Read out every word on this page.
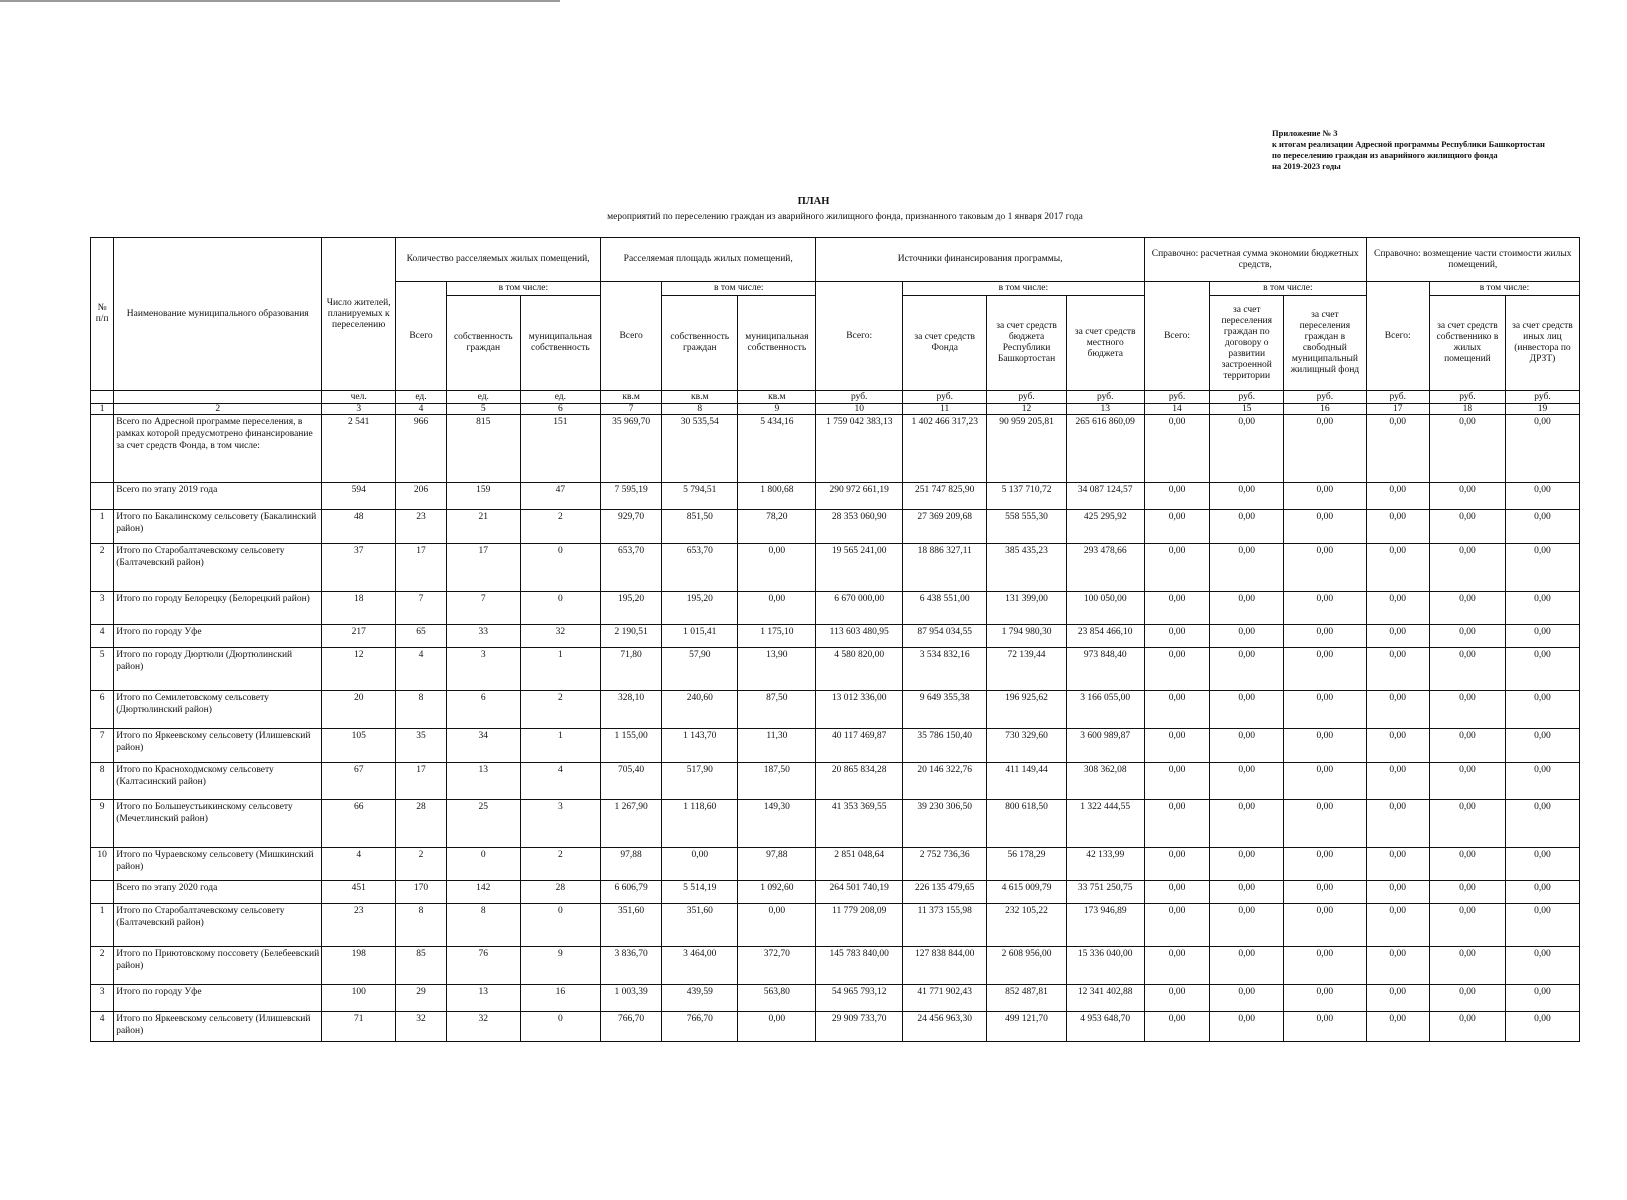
Приложение № 3
к итогам реализации Адресной программы Республики Башкортостан
по переселению граждан из аварийного жилищного фонда
на 2019-2023 годы
ПЛАН
мероприятий по переселению граждан из аварийного жилищного фонда, признанного таковым до 1 января 2017 года
№ п/п	Наименование муниципального образования	Число жителей, планируемых к переселению	Количество расселяемых жилых помещений,			Расселяемая площадь жилых помещений,			Источники финансирования программы,				Справочно: расчетная сумма экономии бюджетных средств,			Справочно: возмещение части стоимости жилых помещений,		
			Всего	в том числе:		Всего	в том числе:		Всего:	в том числе:			Всего:	в том числе:		Всего:	в том числе:	
				собственность граждан	муниципальная собственность		собственность граждан	муниципальная собственность		за счет средств Фонда	за счет средств бюджета Республики Башкортостан	за счет средств местного бюджета		за счет переселения граждан по договору о развитии застроенной территории	за счет переселения граждан в свободный муниципальный жилищный фонд		за счет средств собственнико в жилых помещений	за счет средств иных лиц (инвестора по ДРЗТ)
		чел.	ед.	ед.	ед.	кв.м	кв.м	кв.м	руб.	руб.	руб.	руб.	руб.	руб.	руб.	руб.	руб.	руб.
1	2	3	4	5	6	7	8	9	10	11	12	13	14	15	16	17	18	19
	Всего по Адресной программе переселения, в рамках которой предусмотрено финансирование за счет средств Фонда, в том числе:	2 541	966	815	151	35 969,70	30 535,54	5 434,16	1 759 042 383,13	1 402 466 317,23	90 959 205,81	265 616 860,09	0,00	0,00	0,00	0,00	0,00	0,00
	Всего по этапу 2019 года	594	206	159	47	7 595,19	5 794,51	1 800,68	290 972 661,19	251 747 825,90	5 137 710,72	34 087 124,57	0,00	0,00	0,00	0,00	0,00	0,00
1	Итого по Бакалинскому сельсовету (Бакалинский район)	48	23	21	2	929,70	851,50	78,20	28 353 060,90	27 369 209,68	558 555,30	425 295,92	0,00	0,00	0,00	0,00	0,00	0,00
2	Итого по Старобалтачевскому сельсовету (Балтачевский район)	37	17	17	0	653,70	653,70	0,00	19 565 241,00	18 886 327,11	385 435,23	293 478,66	0,00	0,00	0,00	0,00	0,00	0,00
3	Итого по городу Белорецку (Белорецкий район)	18	7	7	0	195,20	195,20	0,00	6 670 000,00	6 438 551,00	131 399,00	100 050,00	0,00	0,00	0,00	0,00	0,00	0,00
4	Итого по городу Уфе	217	65	33	32	2 190,51	1 015,41	1 175,10	113 603 480,95	87 954 034,55	1 794 980,30	23 854 466,10	0,00	0,00	0,00	0,00	0,00	0,00
5	Итого по городу Дюртюли (Дюртюлинский район)	12	4	3	1	71,80	57,90	13,90	4 580 820,00	3 534 832,16	72 139,44	973 848,40	0,00	0,00	0,00	0,00	0,00	0,00
6	Итого по Семилетовскому сельсовету (Дюртюлинский район)	20	8	6	2	328,10	240,60	87,50	13 012 336,00	9 649 355,38	196 925,62	3 166 055,00	0,00	0,00	0,00	0,00	0,00	0,00
7	Итого по Яркеевскому сельсовету (Илишевский район)	105	35	34	1	1 155,00	1 143,70	11,30	40 117 469,87	35 786 150,40	730 329,60	3 600 989,87	0,00	0,00	0,00	0,00	0,00	0,00
8	Итого по Красноходмскому сельсовету (Калтасинский район)	67	17	13	4	705,40	517,90	187,50	20 865 834,28	20 146 322,76	411 149,44	308 362,08	0,00	0,00	0,00	0,00	0,00	0,00
9	Итого по Большеустьикинскому сельсовету (Мечетлинский район)	66	28	25	3	1 267,90	1 118,60	149,30	41 353 369,55	39 230 306,50	800 618,50	1 322 444,55	0,00	0,00	0,00	0,00	0,00	0,00
10	Итого по Чураевскому сельсовету (Мишкинский район)	4	2	0	2	97,88	0,00	97,88	2 851 048,64	2 752 736,36	56 178,29	42 133,99	0,00	0,00	0,00	0,00	0,00	0,00
	Всего по этапу 2020 года	451	170	142	28	6 606,79	5 514,19	1 092,60	264 501 740,19	226 135 479,65	4 615 009,79	33 751 250,75	0,00	0,00	0,00	0,00	0,00	0,00
1	Итого по Старобалтачевскому сельсовету (Балтачевский район)	23	8	8	0	351,60	351,60	0,00	11 779 208,09	11 373 155,98	232 105,22	173 946,89	0,00	0,00	0,00	0,00	0,00	0,00
2	Итого по Приютовскому поссовету (Белебеевский район)	198	85	76	9	3 836,70	3 464,00	372,70	145 783 840,00	127 838 844,00	2 608 956,00	15 336 040,00	0,00	0,00	0,00	0,00	0,00	0,00
3	Итого по городу Уфе	100	29	13	16	1 003,39	439,59	563,80	54 965 793,12	41 771 902,43	852 487,81	12 341 402,88	0,00	0,00	0,00	0,00	0,00	0,00
4	Итого по Яркеевскому сельсовету (Илишевский район)	71	32	32	0	766,70	766,70	0,00	29 909 733,70	24 456 963,30	499 121,70	4 953 648,70	0,00	0,00	0,00	0,00	0,00	0,00
